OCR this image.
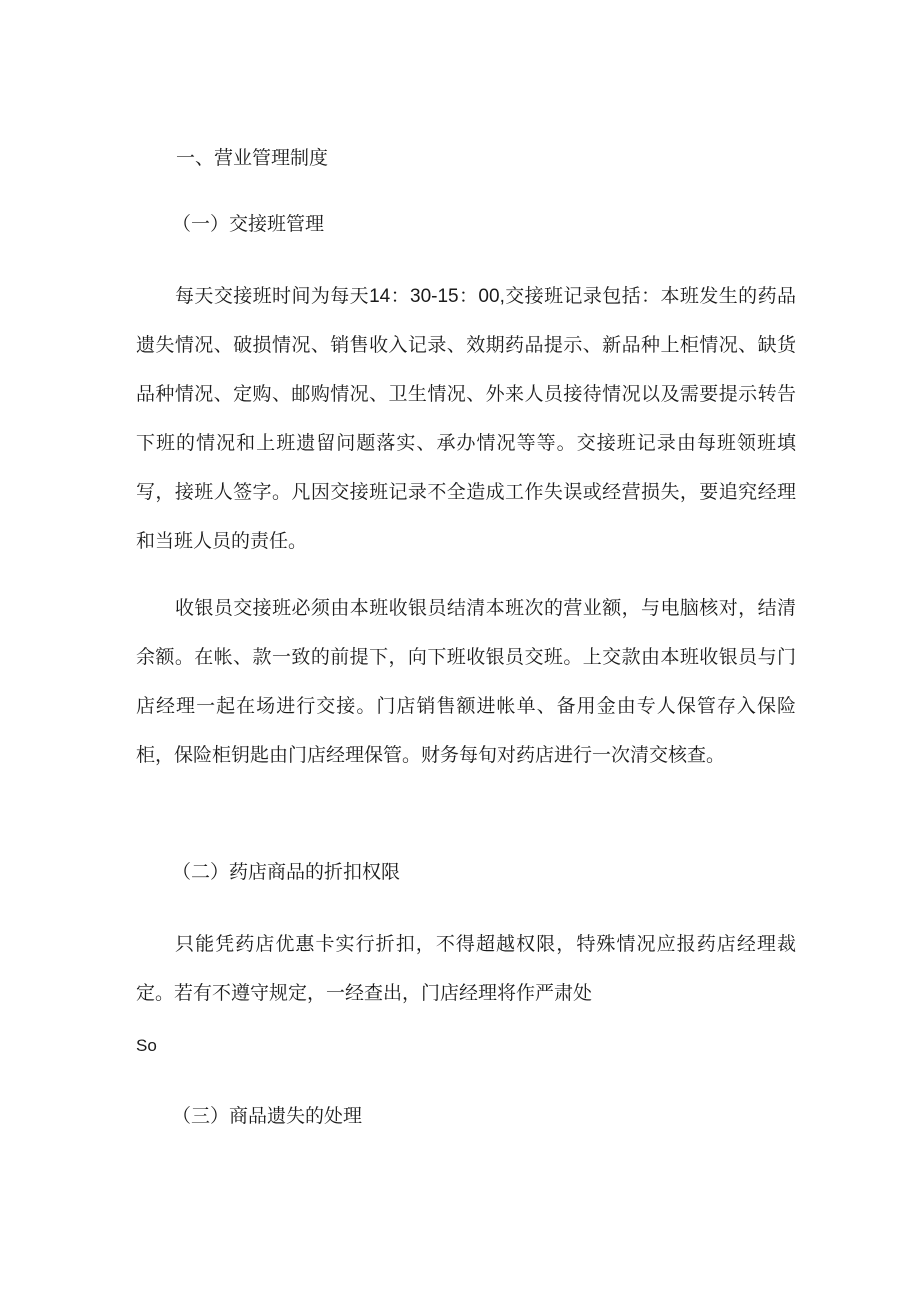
一、营业管理制度
（一）交接班管理
每天交接班时间为每天14：30-15：00,交接班记录包括：本班发生的药品遗失情况、破损情况、销售收入记录、效期药品提示、新品种上柜情况、缺货品种情况、定购、邮购情况、卫生情况、外来人员接待情况以及需要提示转告下班的情况和上班遗留问题落实、承办情况等等。交接班记录由每班领班填写，接班人签字。凡因交接班记录不全造成工作失误或经营损失，要追究经理和当班人员的责任。
收银员交接班必须由本班收银员结清本班次的营业额，与电脑核对，结清余额。在帐、款一致的前提下，向下班收银员交班。上交款由本班收银员与门店经理一起在场进行交接。门店销售额进帐单、备用金由专人保管存入保险柜，保险柜钥匙由门店经理保管。财务每旬对药店进行一次清交核查。
（二）药店商品的折扣权限
只能凭药店优惠卡实行折扣，不得超越权限，特殊情况应报药店经理裁定。若有不遵守规定，一经查出，门店经理将作严肃处
So
（三）商品遗失的处理
